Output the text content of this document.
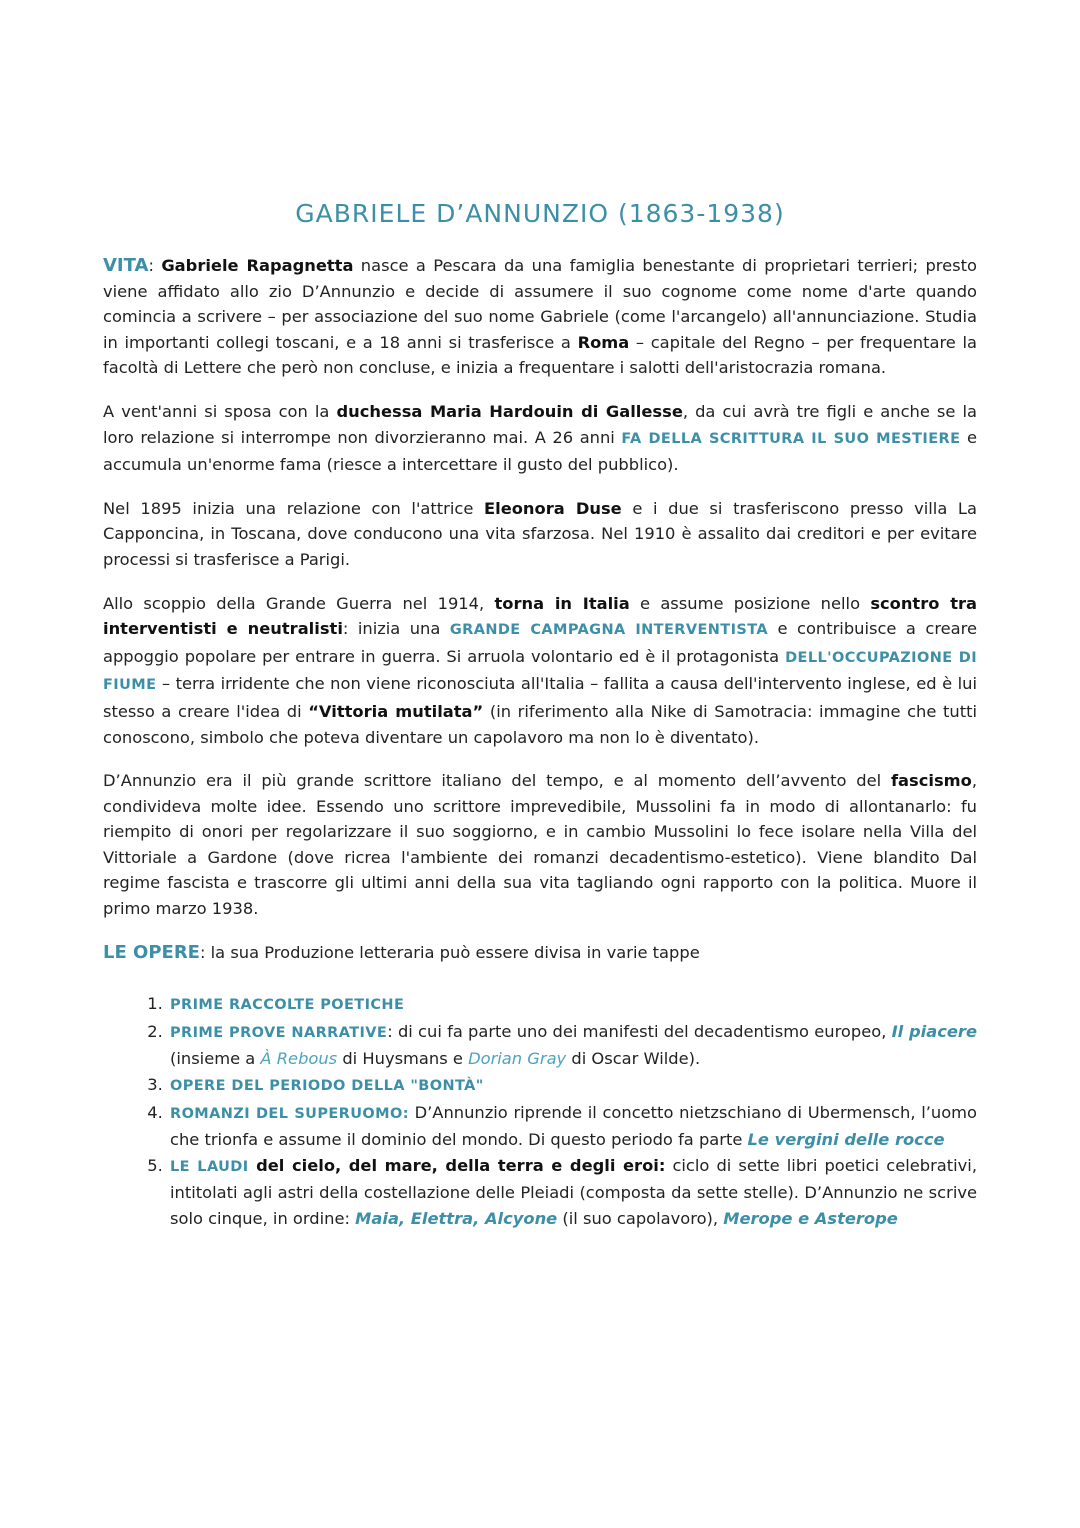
GABRIELE D’ANNUNZIO (1863-1938)

VITA: Gabriele Rapagnetta nasce a Pescara da una famiglia benestante di proprietari terrieri; presto viene affidato allo zio D’Annunzio e decide di assumere il suo cognome come nome d'arte quando comincia a scrivere – per associazione del suo nome Gabriele (come l'arcangelo) all'annunciazione. Studia in importanti collegi toscani, e a 18 anni si trasferisce a Roma – capitale del Regno – per frequentare la facoltà di Lettere che però non concluse, e inizia a frequentare i salotti dell'aristocrazia romana.

A vent'anni si sposa con la duchessa Maria Hardouin di Gallesse, da cui avrà tre figli e anche se la loro relazione si interrompe non divorzieranno mai. A 26 anni FA DELLA SCRITTURA IL SUO MESTIERE e accumula un'enorme fama (riesce a intercettare il gusto del pubblico).

Nel 1895 inizia una relazione con l'attrice Eleonora Duse e i due si trasferiscono presso villa La Capponcina, in Toscana, dove conducono una vita sfarzosa. Nel 1910 è assalito dai creditori e per evitare processi si trasferisce a Parigi.

Allo scoppio della Grande Guerra nel 1914, torna in Italia e assume posizione nello scontro tra interventisti e neutralisti: inizia una GRANDE CAMPAGNA INTERVENTISTA e contribuisce a creare appoggio popolare per entrare in guerra. Si arruola volontario ed è il protagonista DELL'OCCUPAZIONE DI FIUME – terra irridente che non viene riconosciuta all'Italia – fallita a causa dell'intervento inglese, ed è lui stesso a creare l'idea di “Vittoria mutilata” (in riferimento alla Nike di Samotracia: immagine che tutti conoscono, simbolo che poteva diventare un capolavoro ma non lo è diventato).

D’Annunzio era il più grande scrittore italiano del tempo, e al momento dell’avvento del fascismo, condivideva molte idee. Essendo uno scrittore imprevedibile, Mussolini fa in modo di allontanarlo: fu riempito di onori per regolarizzare il suo soggiorno, e in cambio Mussolini lo fece isolare nella Villa del Vittoriale a Gardone (dove ricrea l'ambiente dei romanzi decadentismo-estetico). Viene blandito Dal regime fascista e trascorre gli ultimi anni della sua vita tagliando ogni rapporto con la politica. Muore il primo marzo 1938.

LE OPERE: la sua Produzione letteraria può essere divisa in varie tappe

1. PRIME RACCOLTE POETICHE
2. PRIME PROVE NARRATIVE: di cui fa parte uno dei manifesti del decadentismo europeo, Il piacere (insieme a À Rebous di Huysmans e Dorian Gray di Oscar Wilde).
3. OPERE DEL PERIODO DELLA "BONTÀ"
4. ROMANZI DEL SUPERUOMO: D’Annunzio riprende il concetto nietzschiano di Ubermensch, l’uomo che trionfa e assume il dominio del mondo. Di questo periodo fa parte Le vergini delle rocce
5. LE LAUDI del cielo, del mare, della terra e degli eroi: ciclo di sette libri poetici celebrativi, intitolati agli astri della costellazione delle Pleiadi (composta da sette stelle). D’Annunzio ne scrive solo cinque, in ordine: Maia, Elettra, Alcyone (il suo capolavoro), Merope e Asterope
